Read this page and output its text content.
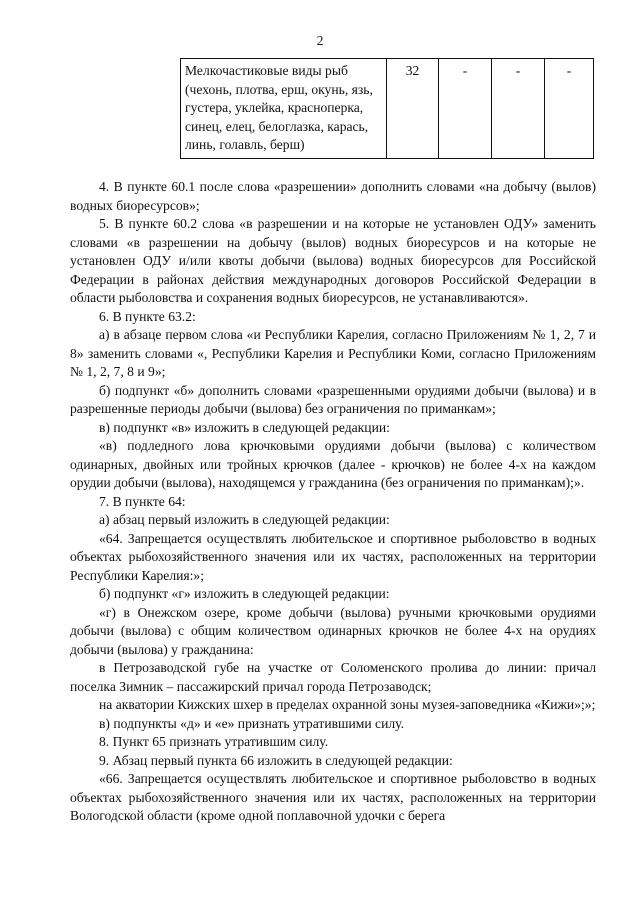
2
Мелкочастиковые виды рыб (чехонь, плотва, ерш, окунь, язь, густера, уклейка, красноперка, синец, елец, белоглазка, карась, линь, голавль, берш)	32	-	-	-

4. В пункте 60.1 после слова «разрешении» дополнить словами «на добычу (вылов) водных биоресурсов»;

5. В пункте 60.2 слова «в разрешении и на которые не установлен ОДУ» заменить словами «в разрешении на добычу (вылов) водных биоресурсов и на которые не установлен ОДУ и/или квоты добычи (вылова) водных биоресурсов для Российской Федерации в районах действия международных договоров Российской Федерации в области рыболовства и сохранения водных биоресурсов, не устанавливаются».

6. В пункте 63.2:

а) в абзаце первом слова «и Республики Карелия, согласно Приложениям № 1, 2, 7 и 8» заменить словами «, Республики Карелия и Республики Коми, согласно Приложениям № 1, 2, 7, 8 и 9»;

б) подпункт «б» дополнить словами «разрешенными орудиями добычи (вылова) и в разрешенные периоды добычи (вылова) без ограничения по приманкам»;

в) подпункт «в» изложить в следующей редакции:

«в) подледного лова крючковыми орудиями добычи (вылова) с количеством одинарных, двойных или тройных крючков (далее - крючков) не более 4-х на каждом орудии добычи (вылова), находящемся у гражданина (без ограничения по приманкам);».

7. В пункте 64:

а) абзац первый изложить в следующей редакции:

«64. Запрещается осуществлять любительское и спортивное рыболовство в водных объектах рыбохозяйственного значения или их частях, расположенных на территории Республики Карелия:»;

б) подпункт «г» изложить в следующей редакции:

«г) в Онежском озере, кроме добычи (вылова) ручными крючковыми орудиями добычи (вылова) с общим количеством одинарных крючков не более 4-х на орудиях добычи (вылова) у гражданина:

в Петрозаводской губе на участке от Соломенского пролива до линии: причал поселка Зимник – пассажирский причал города Петрозаводск;

на акватории Кижских шхер в пределах охранной зоны музея-заповедника «Кижи»;»;

в) подпункты «д» и «е» признать утратившими силу.

8. Пункт 65 признать утратившим силу.

9. Абзац первый пункта 66 изложить в следующей редакции:

«66. Запрещается осуществлять любительское и спортивное рыболовство в водных объектах рыбохозяйственного значения или их частях, расположенных на территории Вологодской области (кроме одной поплавочной удочки с берега
